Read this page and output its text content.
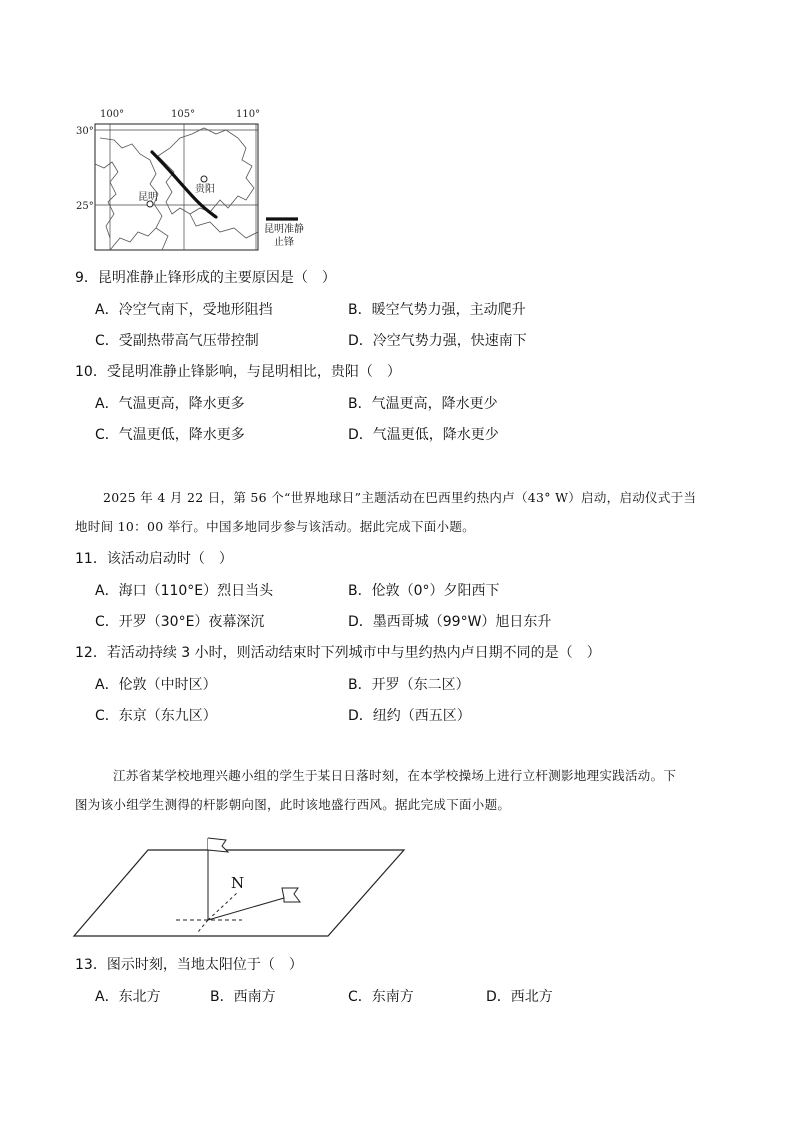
100°	105°	110°
30°
25°
贵阳
昆明
昆明准静
止锋
9．昆明准静止锋形成的主要原因是（　）
A．冷空气南下，受地形阻挡	B．暖空气势力强，主动爬升
C．受副热带高气压带控制	D．冷空气势力强，快速南下
10．受昆明准静止锋影响，与昆明相比，贵阳（　）
A．气温更高，降水更多	B．气温更高，降水更少
C．气温更低，降水更多	D．气温更低，降水更少
2025 年 4 月 22 日，第 56 个“世界地球日”主题活动在巴西里约热内卢（43° W）启动，启动仪式于当
地时间 10：00 举行。中国多地同步参与该活动。据此完成下面小题。
11．该活动启动时（　）
A．海口（110°E）烈日当头	B．伦敦（0°）夕阳西下
C．开罗（30°E）夜幕深沉	D．墨西哥城（99°W）旭日东升
12．若活动持续 3 小时，则活动结束时下列城市中与里约热内卢日期不同的是（　）
A．伦敦（中时区）	B．开罗（东二区）
C．东京（东九区）	D．纽约（西五区）
江苏省某学校地理兴趣小组的学生于某日日落时刻，在本学校操场上进行立杆测影地理实践活动。下
图为该小组学生测得的杆影朝向图，此时该地盛行西风。据此完成下面小题。
N
13．图示时刻，当地太阳位于（　）
A．东北方	B．西南方	C．东南方	D．西北方
